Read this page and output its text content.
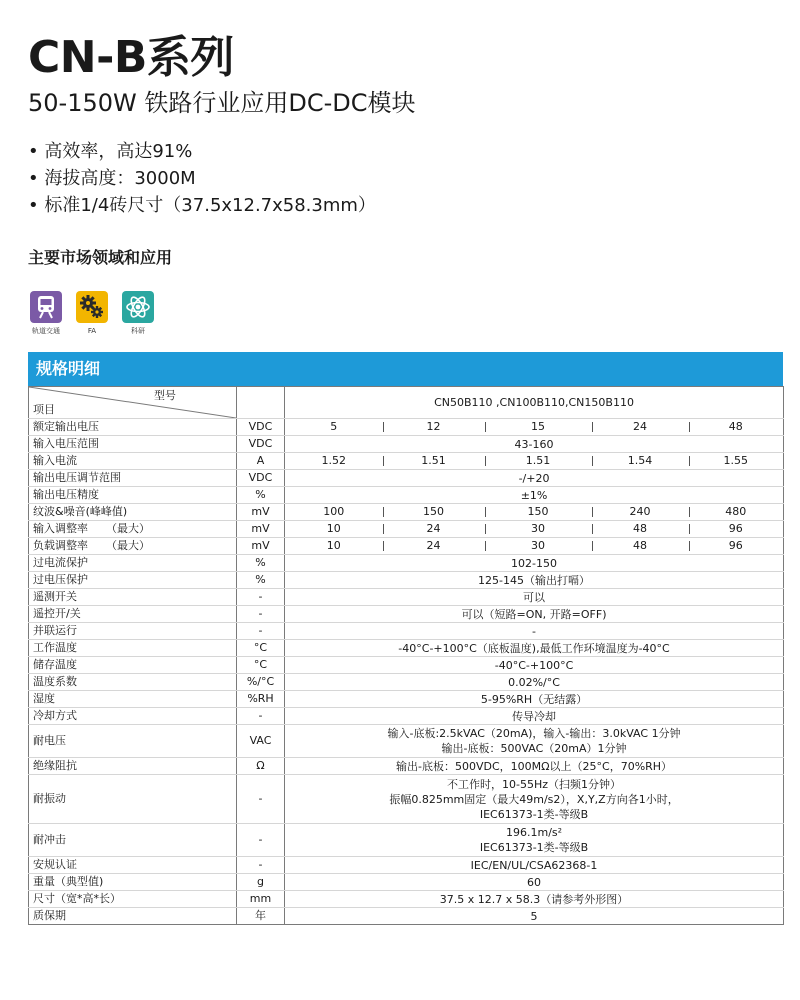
CN-B系列
50-150W 铁路行业应用DC-DC模块
• 高效率，高达91%
• 海拔高度：3000M
• 标准1/4砖尺寸（37.5x12.7x58.3mm）
主要市场领域和应用
轨道交通	FA	科研
规格明细
型号
项目		CN50B110 ,CN100B110,CN150B110				
额定输出电压	VDC	5	12	15	24	48
输入电压范围	VDC	43-160				
输入电流	A	1.52	1.51	1.51	1.54	1.55
输出电压调节范围	VDC	-/+20				
输出电压精度	%	±1%				
纹波&噪音(峰峰值)	mV	100	150	150	240	480
输入调整率 （最大）	mV	10	24	30	48	96
负载调整率 （最大）	mV	10	24	30	48	96
过电流保护	%	102-150				
过电压保护	%	125-145（输出打嗝）				
遥测开关	-	可以				
遥控开/关	-	可以（短路=ON, 开路=OFF)				
并联运行	-	-				
工作温度	°C	-40°C-+100°C（底板温度),最低工作环境温度为-40°C				
储存温度	°C	-40°C-+100°C				
温度系数	%/°C	0.02%/°C				
湿度	%RH	5-95%RH（无结露）				
冷却方式	-	传导冷却				
耐电压	VAC	输入-底板:2.5kVAC（20mA)，输入-输出：3.0kVAC 1分钟
输出-底板：500VAC（20mA）1分钟				

绝缘阻抗	Ω	输出-底板：500VDC，100MΩ以上（25°C，70%RH）				
耐振动	-	不工作时，10-55Hz（扫频1分钟）
振幅0.825mm固定（最大49m/s2），X,Y,Z方向各1小时，
IEC61373-1类-等级B				

耐冲击	-	196.1m/s²
IEC61373-1类-等级B				

安规认证	-	IEC/EN/UL/CSA62368-1				
重量（典型值)	g	60				
尺寸（宽*高*长）	mm	37.5 x 12.7 x 58.3（请参考外形图）				
质保期	年	5				
